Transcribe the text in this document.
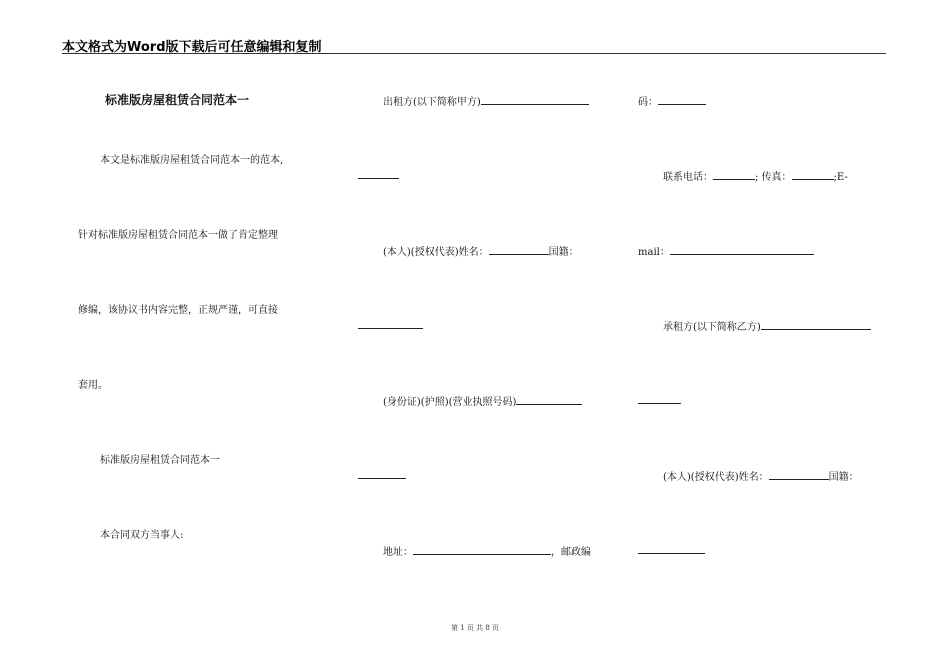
本文格式为Word版下载后可任意编辑和复制
标准版房屋租赁合同范本一
本文是标准版房屋租赁合同范本一的范本,
针对标准版房屋租赁合同范本一做了肯定整理
修编，该协议书内容完整，正规严谨，可直接
套用。
标准版房屋租赁合同范本一
本合同双方当事人:
出租方(以下简称甲方)
(本人)(授权代表)姓名：	国籍：
(身份证)(护照)(营业执照号码)
地址：	，邮政编
码：
联系电话：	; 传真：	;E-
mail：
承租方(以下简称乙方)
(本人)(授权代表)姓名：	国籍：
第 1 页 共 8 页
